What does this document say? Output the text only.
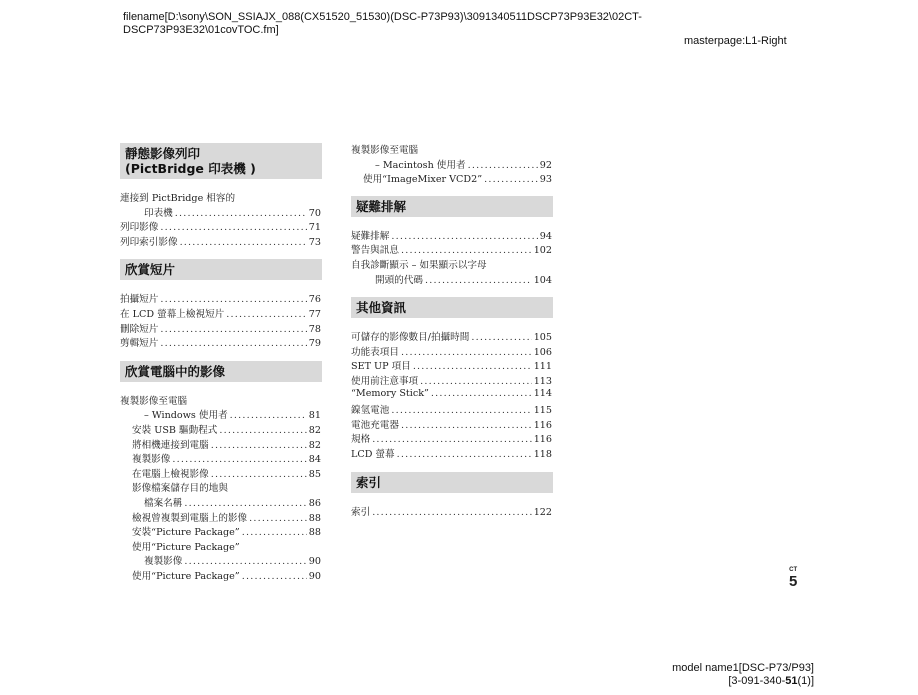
filename[D:\sony\SON_SSIAJX_088(CX51520_51530)(DSC-P73P93)\3091340511DSCP73P93E32\02CT-DSCP73P93E32\01covTOC.fm]
masterpage:L1-Right
靜態影像列印
(PictBridge 印表機 )
連接到 PictBridge 相容的
印表機 .....	70
列印影像 .....	71
列印索引影像 .....	73
欣賞短片
拍攝短片 .....	76
在 LCD 螢幕上檢視短片 .....	77
刪除短片 .....	78
剪輯短片 .....	79
欣賞電腦中的影像
複製影像至電腦
– Windows 使用者 .....	81
安裝 USB 驅動程式 .....	82
將相機連接到電腦 .....	82
複製影像 .....	84
在電腦上檢視影像 .....	85
影像檔案儲存目的地與
檔案名稱 .....	86
檢視曾複製到電腦上的影像 .....	88
安裝“Picture Package” .....	88
使用“Picture Package”
複製影像 .....	90
使用“Picture Package” .....	90
複製影像至電腦
– Macintosh 使用者 .....	92
使用“ImageMixer VCD2” .....	93
疑難排解
疑難排解 .....	94
警告與訊息 .....	102
自我診斷顯示 – 如果顯示以字母
開頭的代碼 .....	104
其他資訊
可儲存的影像數目/拍攝時間 .....	105
功能表項目 .....	106
SET UP 項目 .....	111
使用前注意事項 .....	113
“Memory Stick” .....	114
鎳氫電池 .....	115
電池充電器 .....	116
規格 .....	116
LCD 螢幕 .....	118
索引
索引 .....	122
CT
5
model name1[DSC-P73/P93]
[3-091-340-51(1)]
